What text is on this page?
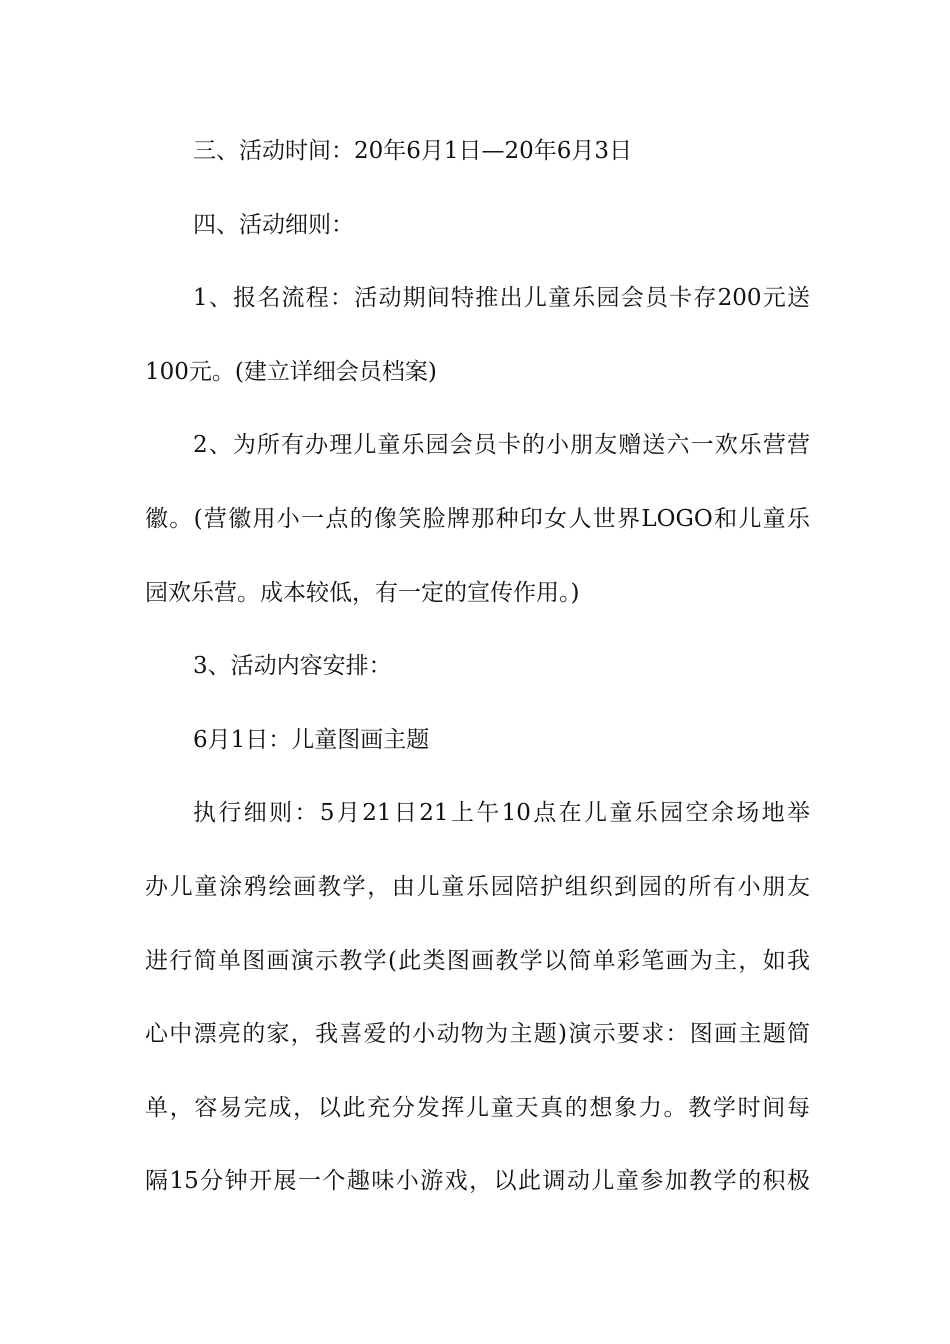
三、活动时间：20年6月1日—20年6月3日
四、活动细则：
1、报名流程：活动期间特推出儿童乐园会员卡存200元送
100元。(建立详细会员档案)
2、为所有办理儿童乐园会员卡的小朋友赠送六一欢乐营营
徽。(营徽用小一点的像笑脸牌那种印女人世界LOGO和儿童乐
园欢乐营。成本较低，有一定的宣传作用。)
3、活动内容安排：
6月1日：儿童图画主题
执行细则：5月21日21上午10点在儿童乐园空余场地举
办儿童涂鸦绘画教学，由儿童乐园陪护组织到园的所有小朋友
进行简单图画演示教学(此类图画教学以简单彩笔画为主，如我
心中漂亮的家，我喜爱的小动物为主题)演示要求：图画主题简
单，容易完成，以此充分发挥儿童天真的想象力。教学时间每
隔15分钟开展一个趣味小游戏，以此调动儿童参加教学的积极
